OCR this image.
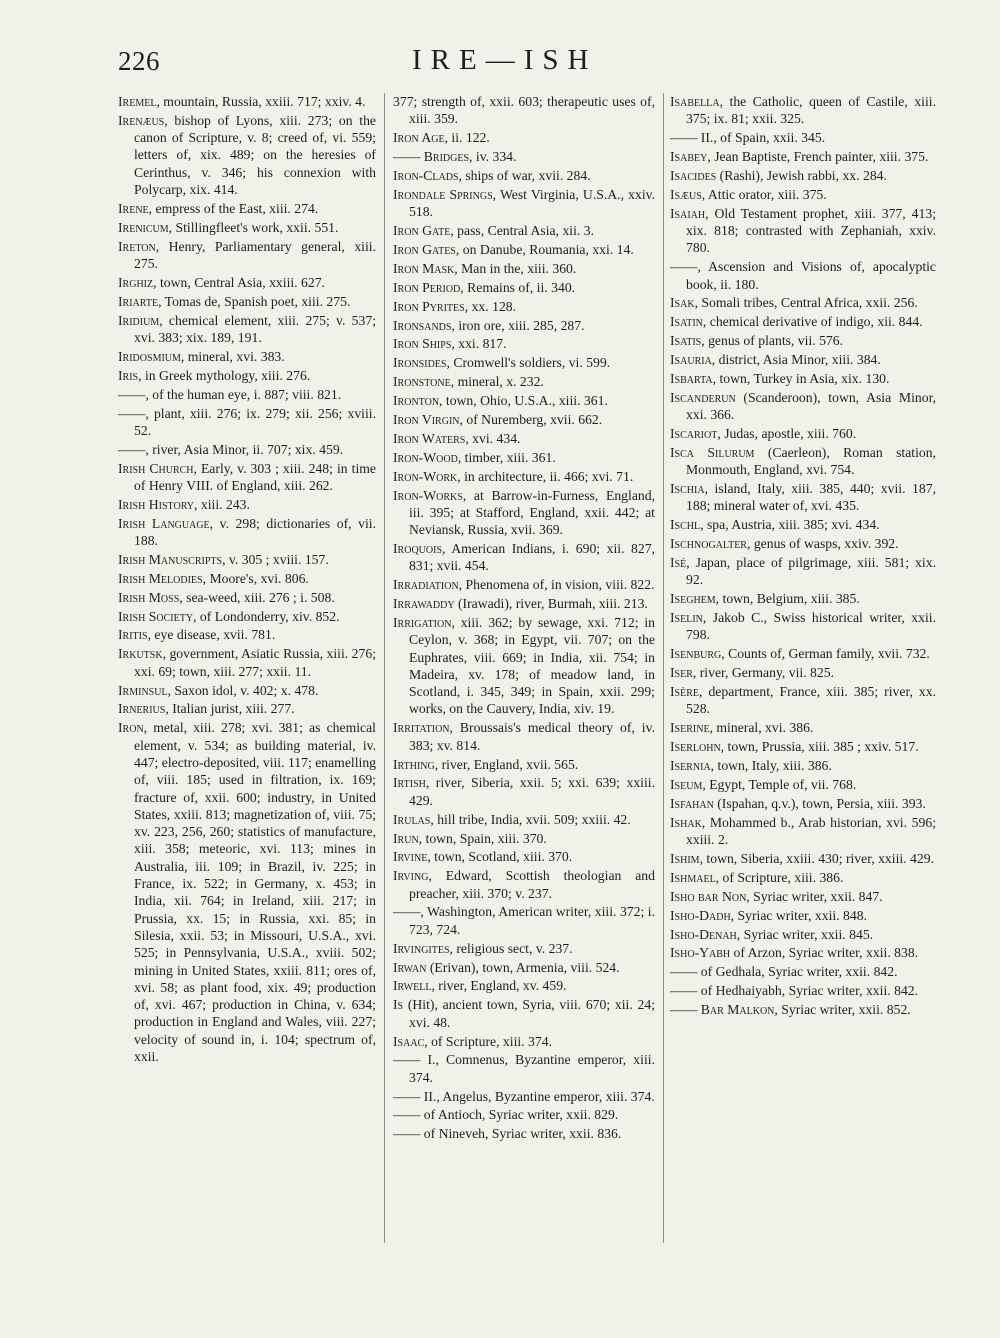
226	IRE—ISH
Iremel, mountain, Russia, xxiii. 717; xxiv. 4.
Irenæus, bishop of Lyons, xiii. 273; on the canon of Scripture, v. 8; creed of, vi. 559; letters of, xix. 489; on the heresies of Cerinthus, v. 346; his connexion with Polycarp, xix. 414.
Irene, empress of the East, xiii. 274.
Irenicum, Stillingfleet's work, xxii. 551.
Ireton, Henry, Parliamentary general, xiii. 275.
Irghiz, town, Central Asia, xxiii. 627.
Iriarte, Tomas de, Spanish poet, xiii. 275.
Iridium, chemical element, xiii. 275; v. 537; xvi. 383; xix. 189, 191.
Iridosmium, mineral, xvi. 383.
Iris, in Greek mythology, xiii. 276.
——, of the human eye, i. 887; viii. 821.
——, plant, xiii. 276; ix. 279; xii. 256; xviii. 52.
——, river, Asia Minor, ii. 707; xix. 459.
Irish Church, Early, v. 303 ; xiii. 248; in time of Henry VIII. of England, xiii. 262.
Irish History, xiii. 243.
Irish Language, v. 298; dictionaries of, vii. 188.
Irish Manuscripts, v. 305 ; xviii. 157.
Irish Melodies, Moore's, xvi. 806.
Irish Moss, sea-weed, xiii. 276 ; i. 508.
Irish Society, of Londonderry, xiv. 852.
Iritis, eye disease, xvii. 781.
Irkutsk, government, Asiatic Russia, xiii. 276; xxi. 69; town, xiii. 277; xxii. 11.
Irminsul, Saxon idol, v. 402; x. 478.
Irnerius, Italian jurist, xiii. 277.
Iron, metal, xiii. 278; xvi. 381; as chemical element, v. 534; as building material, iv. 447; electro-deposited, viii. 117; enamelling of, viii. 185; used in filtration, ix. 169; fracture of, xxii. 600; industry, in United States, xxiii. 813; magnetization of, viii. 75; xv. 223, 256, 260; statistics of manufacture, xiii. 358; meteoric, xvi. 113; mines in Australia, iii. 109; in Brazil, iv. 225; in France, ix. 522; in Germany, x. 453; in India, xii. 764; in Ireland, xiii. 217; in Prussia, xx. 15; in Russia, xxi. 85; in Silesia, xxii. 53; in Missouri, U.S.A., xvi. 525; in Pennsylvania, U.S.A., xviii. 502; mining in United States, xxiii. 811; ores of, xvi. 58; as plant food, xix. 49; production of, xvi. 467; production in China, v. 634; production in England and Wales, viii. 227; velocity of sound in, i. 104; spectrum of, xxii.
377; strength of, xxii. 603; therapeutic uses of, xiii. 359.
Iron Age, ii. 122.
—— Bridges, iv. 334.
Iron-Clads, ships of war, xvii. 284.
Irondale Springs, West Virginia, U.S.A., xxiv. 518.
Iron Gate, pass, Central Asia, xii. 3.
Iron Gates, on Danube, Roumania, xxi. 14.
Iron Mask, Man in the, xiii. 360.
Iron Period, Remains of, ii. 340.
Iron Pyrites, xx. 128.
Ironsands, iron ore, xiii. 285, 287.
Iron Ships, xxi. 817.
Ironsides, Cromwell's soldiers, vi. 599.
Ironstone, mineral, x. 232.
Ironton, town, Ohio, U.S.A., xiii. 361.
Iron Virgin, of Nuremberg, xvii. 662.
Iron Waters, xvi. 434.
Iron-Wood, timber, xiii. 361.
Iron-Work, in architecture, ii. 466; xvi. 71.
Iron-Works, at Barrow-in-Furness, England, iii. 395; at Stafford, England, xxii. 442; at Neviansk, Russia, xvii. 369.
Iroquois, American Indians, i. 690; xii. 827, 831; xvii. 454.
Irradiation, Phenomena of, in vision, viii. 822.
Irrawaddy (Irawadi), river, Burmah, xiii. 213.
Irrigation, xiii. 362; by sewage, xxi. 712; in Ceylon, v. 368; in Egypt, vii. 707; on the Euphrates, viii. 669; in India, xii. 754; in Madeira, xv. 178; of meadow land, in Scotland, i. 345, 349; in Spain, xxii. 299; works, on the Cauvery, India, xiv. 19.
Irritation, Broussais's medical theory of, iv. 383; xv. 814.
Irthing, river, England, xvii. 565.
Irtish, river, Siberia, xxii. 5; xxi. 639; xxiii. 429.
Irulas, hill tribe, India, xvii. 509; xxiii. 42.
Irun, town, Spain, xiii. 370.
Irvine, town, Scotland, xiii. 370.
Irving, Edward, Scottish theologian and preacher, xiii. 370; v. 237.
——, Washington, American writer, xiii. 372; i. 723, 724.
Irvingites, religious sect, v. 237.
Irwan (Erivan), town, Armenia, viii. 524.
Irwell, river, England, xv. 459.
Is (Hit), ancient town, Syria, viii. 670; xii. 24; xvi. 48.
Isaac, of Scripture, xiii. 374.
—— I., Comnenus, Byzantine emperor, xiii. 374.
—— II., Angelus, Byzantine emperor, xiii. 374.
—— of Antioch, Syriac writer, xxii. 829.
—— of Nineveh, Syriac writer, xxii. 836.
Isabella, the Catholic, queen of Castile, xiii. 375; ix. 81; xxii. 325.
—— II., of Spain, xxii. 345.
Isabey, Jean Baptiste, French painter, xiii. 375.
Isacides (Rashi), Jewish rabbi, xx. 284.
Isæus, Attic orator, xiii. 375.
Isaiah, Old Testament prophet, xiii. 377, 413; xix. 818; contrasted with Zephaniah, xxiv. 780.
——, Ascension and Visions of, apocalyptic book, ii. 180.
Isak, Somali tribes, Central Africa, xxii. 256.
Isatin, chemical derivative of indigo, xii. 844.
Isatis, genus of plants, vii. 576.
Isauria, district, Asia Minor, xiii. 384.
Isbarta, town, Turkey in Asia, xix. 130.
Iscanderun (Scanderoon), town, Asia Minor, xxi. 366.
Iscariot, Judas, apostle, xiii. 760.
Isca Silurum (Caerleon), Roman station, Monmouth, England, xvi. 754.
Ischia, island, Italy, xiii. 385, 440; xvii. 187, 188; mineral water of, xvi. 435.
Ischl, spa, Austria, xiii. 385; xvi. 434.
Ischnogalter, genus of wasps, xxiv. 392.
Isé, Japan, place of pilgrimage, xiii. 581; xix. 92.
Iseghem, town, Belgium, xiii. 385.
Iselin, Jakob C., Swiss historical writer, xxii. 798.
Isenburg, Counts of, German family, xvii. 732.
Iser, river, Germany, vii. 825.
Isère, department, France, xiii. 385; river, xx. 528.
Iserine, mineral, xvi. 386.
Iserlohn, town, Prussia, xiii. 385 ; xxiv. 517.
Isernia, town, Italy, xiii. 386.
Iseum, Egypt, Temple of, vii. 768.
Isfahan (Ispahan, q.v.), town, Persia, xiii. 393.
Ishak, Mohammed b., Arab historian, xvi. 596; xxiii. 2.
Ishim, town, Siberia, xxiii. 430; river, xxiii. 429.
Ishmael, of Scripture, xiii. 386.
Isho bar Non, Syriac writer, xxii. 847.
Isho-Dadh, Syriac writer, xxii. 848.
Isho-Denah, Syriac writer, xxii. 845.
Isho-Yabh of Arzon, Syriac writer, xxii. 838.
—— of Gedhala, Syriac writer, xxii. 842.
—— of Hedhaiyabh, Syriac writer, xxii. 842.
—— Bar Malkon, Syriac writer, xxii. 852.
